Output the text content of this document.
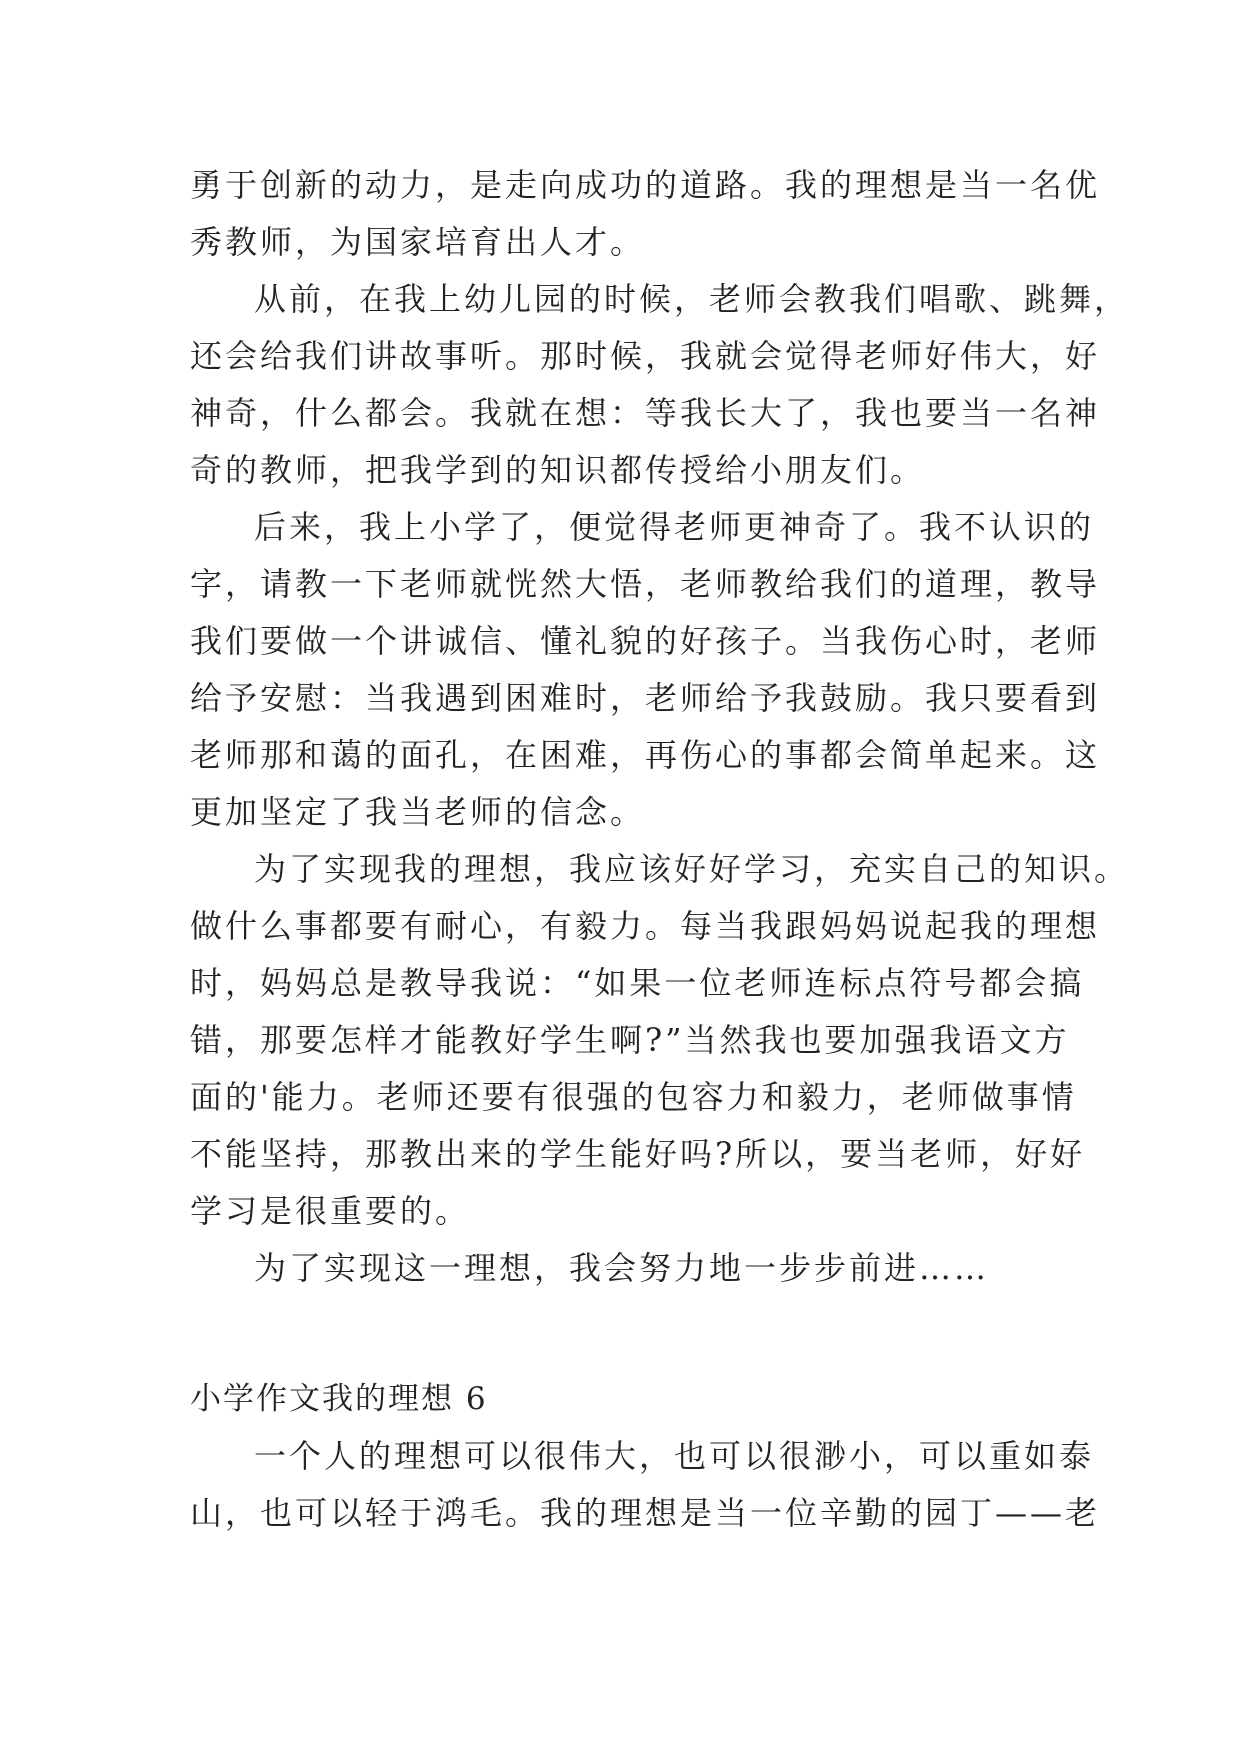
勇于创新的动力，是走向成功的道路。我的理想是当一名优
秀教师，为国家培育出人才。
从前，在我上幼儿园的时候，老师会教我们唱歌、跳舞，
还会给我们讲故事听。那时候，我就会觉得老师好伟大，好
神奇，什么都会。我就在想：等我长大了，我也要当一名神
奇的教师，把我学到的知识都传授给小朋友们。
后来，我上小学了，便觉得老师更神奇了。我不认识的
字，请教一下老师就恍然大悟，老师教给我们的道理，教导
我们要做一个讲诚信、懂礼貌的好孩子。当我伤心时，老师
给予安慰：当我遇到困难时，老师给予我鼓励。我只要看到
老师那和蔼的面孔，在困难，再伤心的事都会简单起来。这
更加坚定了我当老师的信念。
为了实现我的理想，我应该好好学习，充实自己的知识。
做什么事都要有耐心，有毅力。每当我跟妈妈说起我的理想
时，妈妈总是教导我说：“如果一位老师连标点符号都会搞
错，那要怎样才能教好学生啊?”当然我也要加强我语文方
面的'能力。老师还要有很强的包容力和毅力，老师做事情
不能坚持，那教出来的学生能好吗?所以，要当老师，好好
学习是很重要的。
为了实现这一理想，我会努力地一步步前进……
小学作文我的理想 6
一个人的理想可以很伟大，也可以很渺小，可以重如泰
山，也可以轻于鸿毛。我的理想是当一位辛勤的园丁——老
